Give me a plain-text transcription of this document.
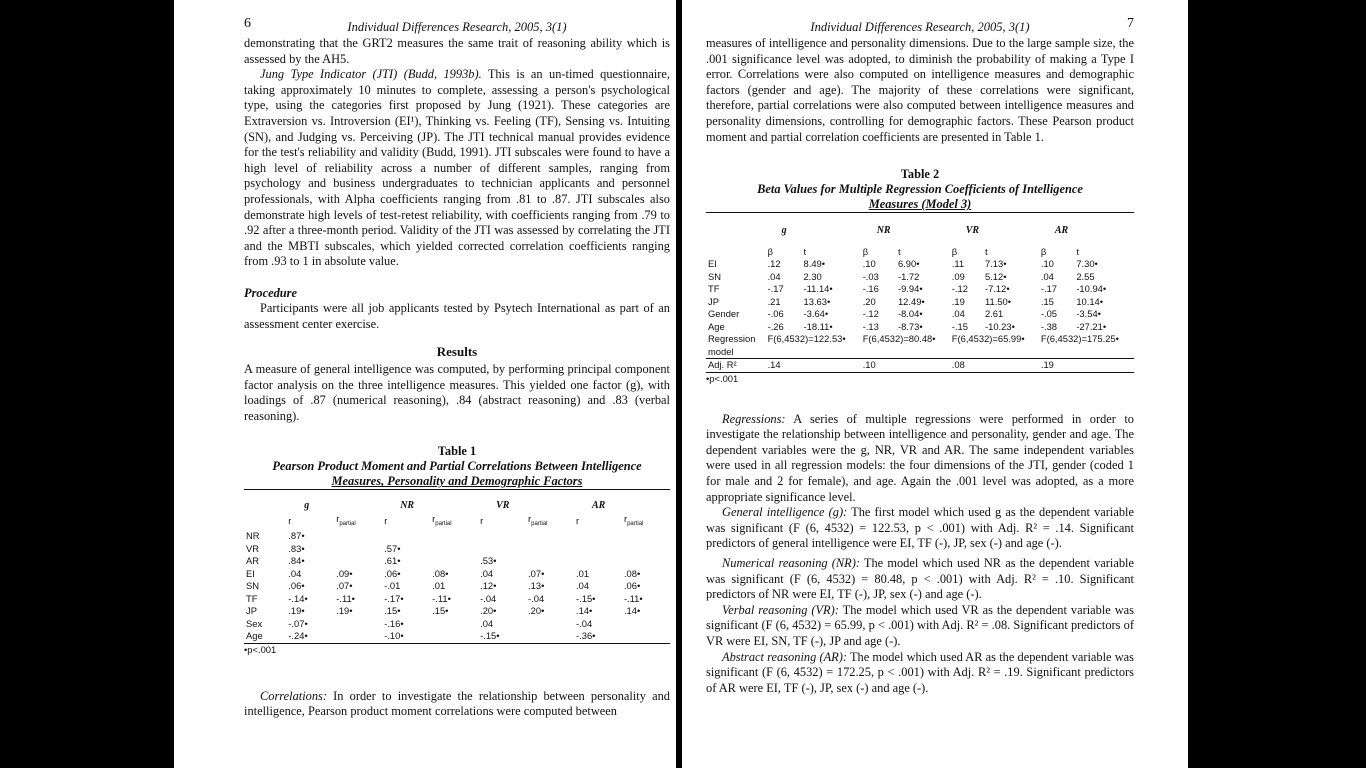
6	Individual Differences Research, 2005, 3(1)

demonstrating that the GRT2 measures the same trait of reasoning ability which is assessed by the AH5.

Jung Type Indicator (JTI) (Budd, 1993b). This is an un-timed questionnaire, taking approximately 10 minutes to complete, assessing a person's psychological type, using the categories first proposed by Jung (1921). These categories are Extraversion vs. Introversion (EI¹), Thinking vs. Feeling (TF), Sensing vs. Intuiting (SN), and Judging vs. Perceiving (JP). The JTI technical manual provides evidence for the test's reliability and validity (Budd, 1991). JTI subscales were found to have a high level of reliability across a number of different samples, ranging from psychology and business undergraduates to technician applicants and personnel professionals, with Alpha coefficients ranging from .81 to .87. JTI subscales also demonstrate high levels of test-retest reliability, with coefficients ranging from .79 to .92 after a three-month period. Validity of the JTI was assessed by correlating the JTI and the MBTI subscales, which yielded corrected correlation coefficients ranging from .93 to 1 in absolute value.

Procedure

Participants were all job applicants tested by Psytech International as part of an assessment center exercise.

Results

A measure of general intelligence was computed, by performing principal component factor analysis on the three intelligence measures. This yielded one factor (g), with loadings of .87 (numerical reasoning), .84 (abstract reasoning) and .83 (verbal reasoning).

Table 1
Pearson Product Moment and Partial Correlations Between Intelligence
Measures, Personality and Demographic Factors
	g		NR		VR		AR	
	r	$r_{partial}$	r	$r_{partial}$	r	$r_{partial}$	r	$r_{partial}$
NR	.87•							
VR	.83•		.57•					
AR	.84•		.61•		.53•			
EI	.04	.09•	.06•	.08•	.04	.07•	.01	.08•
SN	.06•	.07•	-.01	.01	.12•	.13•	.04	.06•
TF	-.14•	-.11•	-.17•	-.11•	-.04	-.04	-.15•	-.11•
JP	.19•	.19•	.15•	.15•	.20•	.20•	.14•	.14•
Sex	-.07•		-.16•		.04		-.04	
Age	-.24•		-.10•		-.15•		-.36•	
•p<.001

Correlations: In order to investigate the relationship between personality and intelligence, Pearson product moment correlations were computed between

Individual Differences Research, 2005, 3(1)	7

measures of intelligence and personality dimensions. Due to the large sample size, the .001 significance level was adopted, to diminish the probability of making a Type I error. Correlations were also computed on intelligence measures and demographic factors (gender and age). The majority of these correlations were significant, therefore, partial correlations were also computed between intelligence measures and personality dimensions, controlling for demographic factors. These Pearson product moment and partial correlation coefficients are presented in Table 1.

Table 2
Beta Values for Multiple Regression Coefficients of Intelligence
Measures (Model 3)
	g		NR		VR		AR	
	β	t	β	t	β	t	β	t
EI	.12	8.49•	.10	6.90•	.11	7.13•	.10	7.30•
SN	.04	2.30	-.03	-1.72	.09	5.12•	.04	2.55
TF	-.17	-11.14•	-.16	-9.94•	-.12	-7.12•	-.17	-10.94•
JP	.21	13.63•	.20	12.49•	.19	11.50•	.15	10.14•
Gender	-.06	-3.64•	-.12	-8.04•	.04	2.61	-.05	-3.54•
Age	-.26	-18.11•	-.13	-8.73•	-.15	-10.23•	-.38	-27.21•
Regression	F(6,4532)=122.53•		F(6,4532)=80.48•		F(6,4532)=65.99•		F(6,4532)=175.25•	
model								
Adj. R²	.14		.10		.08		.19	
•p<.001

Regressions: A series of multiple regressions were performed in order to investigate the relationship between intelligence and personality, gender and age. The dependent variables were the g, NR, VR and AR. The same independent variables were used in all regression models: the four dimensions of the JTI, gender (coded 1 for male and 2 for female), and age. Again the .001 level was adopted, as a more appropriate significance level.

General intelligence (g): The first model which used g as the dependent variable was significant (F (6, 4532) = 122.53, p < .001) with Adj. R² = .14. Significant predictors of general intelligence were EI, TF (-), JP, sex (-) and age (-).

Numerical reasoning (NR): The model which used NR as the dependent variable was significant (F (6, 4532) = 80.48, p < .001) with Adj. R² = .10. Significant predictors of NR were EI, TF (-), JP, sex (-) and age (-).

Verbal reasoning (VR): The model which used VR as the dependent variable was significant (F (6, 4532) = 65.99, p < .001) with Adj. R² = .08. Significant predictors of VR were EI, SN, TF (-), JP and age (-).

Abstract reasoning (AR): The model which used AR as the dependent variable was significant (F (6, 4532) = 172.25, p < .001) with Adj. R² = .19. Significant predictors of AR were EI, TF (-), JP, sex (-) and age (-).
